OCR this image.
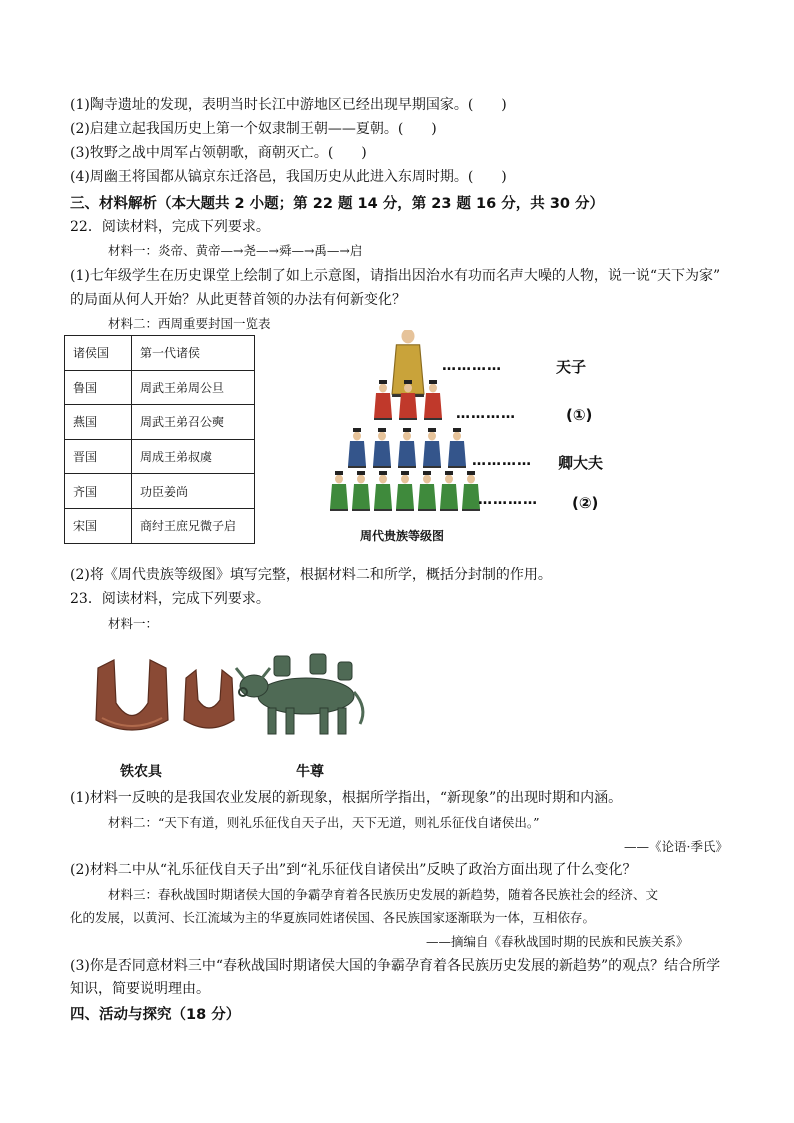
(1)陶寺遗址的发现，表明当时长江中游地区已经出现早期国家。(　　)
(2)启建立起我国历史上第一个奴隶制王朝——夏朝。(　　)
(3)牧野之战中周军占领朝歌，商朝灭亡。(　　)
(4)周幽王将国都从镐京东迁洛邑，我国历史从此进入东周时期。(　　)
三、材料解析（本大题共 2 小题；第 22 题 14 分，第 23 题 16 分，共 30 分）
22．阅读材料，完成下列要求。
材料一：炎帝、黄帝—→尧—→舜—→禹—→启
(1)七年级学生在历史课堂上绘制了如上示意图，请指出因治水有功而名声大噪的人物，说一说“天下为家”
的局面从何人开始？从此更替首领的办法有何新变化？
材料二：西周重要封国一览表
诸侯国	第一代诸侯
鲁国	周武王弟周公旦
燕国	周武王弟召公奭
晋国	周成王弟叔虞
齐国	功臣姜尚
宋国	商纣王庶兄微子启
…………	天子
…………	(①)
………… 卿大夫
………… (②)
周代贵族等级图
(2)将《周代贵族等级图》填写完整，根据材料二和所学，概括分封制的作用。
23．阅读材料，完成下列要求。
材料一：
铁农具	牛尊
(1)材料一反映的是我国农业发展的新现象，根据所学指出，“新现象”的出现时期和内涵。
材料二：“天下有道，则礼乐征伐自天子出，天下无道，则礼乐征伐自诸侯出。”
——《论语·季氏》
(2)材料二中从“礼乐征伐自天子出”到“礼乐征伐自诸侯出”反映了政治方面出现了什么变化？
材料三：春秋战国时期诸侯大国的争霸孕育着各民族历史发展的新趋势，随着各民族社会的经济、文
化的发展，以黄河、长江流域为主的华夏族同姓诸侯国、各民族国家逐渐联为一体，互相依存。
——摘编自《春秋战国时期的民族和民族关系》
(3)你是否同意材料三中“春秋战国时期诸侯大国的争霸孕育着各民族历史发展的新趋势”的观点？结合所学
知识，简要说明理由。
四、活动与探究（18 分）
